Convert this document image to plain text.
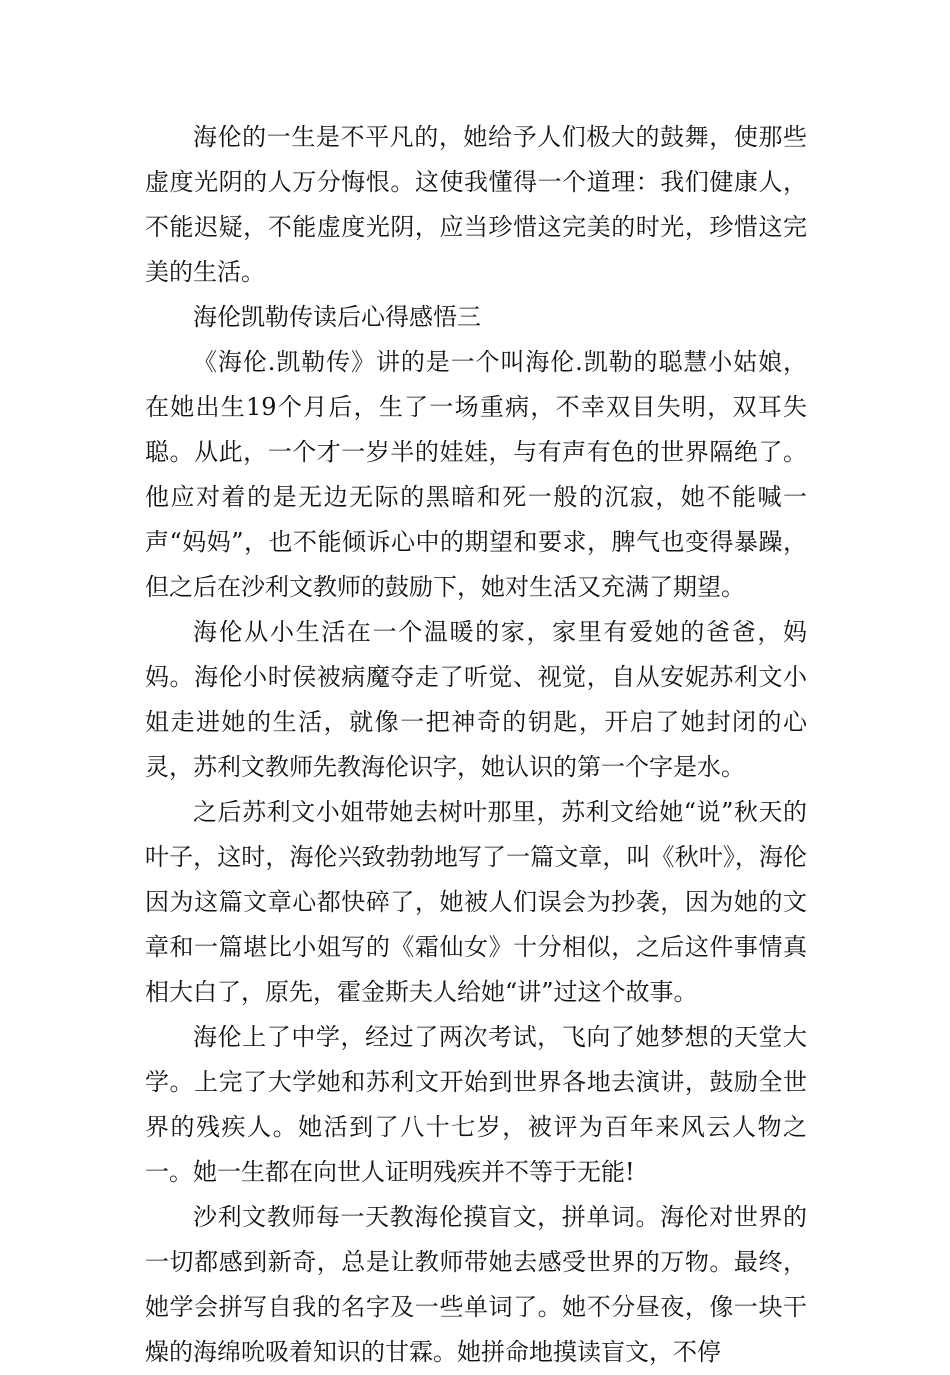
海伦的一生是不平凡的，她给予人们极大的鼓舞，使那些虚度光阴的人万分悔恨。这使我懂得一个道理：我们健康人，不能迟疑，不能虚度光阴，应当珍惜这完美的时光，珍惜这完美的生活。

海伦凯勒传读后心得感悟三

《海伦.凯勒传》讲的是一个叫海伦.凯勒的聪慧小姑娘，在她出生19个月后，生了一场重病，不幸双目失明，双耳失聪。从此，一个才一岁半的娃娃，与有声有色的世界隔绝了。他应对着的是无边无际的黑暗和死一般的沉寂，她不能喊一声“妈妈”，也不能倾诉心中的期望和要求，脾气也变得暴躁，但之后在沙利文教师的鼓励下，她对生活又充满了期望。

海伦从小生活在一个温暖的家，家里有爱她的爸爸，妈妈。海伦小时侯被病魔夺走了听觉、视觉，自从安妮苏利文小姐走进她的生活，就像一把神奇的钥匙，开启了她封闭的心灵，苏利文教师先教海伦识字，她认识的第一个字是水。

之后苏利文小姐带她去树叶那里，苏利文给她“说”秋天的叶子，这时，海伦兴致勃勃地写了一篇文章，叫《秋叶》，海伦因为这篇文章心都快碎了，她被人们误会为抄袭，因为她的文章和一篇堪比小姐写的《霜仙女》十分相似，之后这件事情真相大白了，原先，霍金斯夫人给她“讲”过这个故事。

海伦上了中学，经过了两次考试，飞向了她梦想的天堂大学。上完了大学她和苏利文开始到世界各地去演讲，鼓励全世界的残疾人。她活到了八十七岁，被评为百年来风云人物之一。她一生都在向世人证明残疾并不等于无能!

沙利文教师每一天教海伦摸盲文，拼单词。海伦对世界的一切都感到新奇，总是让教师带她去感受世界的万物。最终，她学会拼写自我的名字及一些单词了。她不分昼夜，像一块干燥的海绵吮吸着知识的甘霖。她拼命地摸读盲文，不停
